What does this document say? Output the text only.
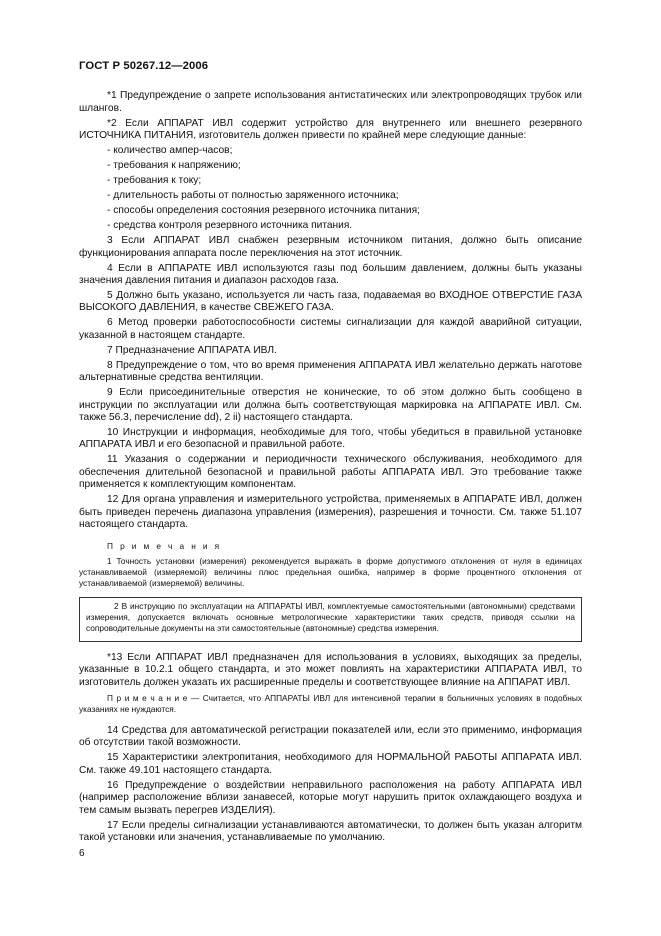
ГОСТ Р 50267.12—2006

*1 Предупреждение о запрете использования антистатических или электропроводящих трубок или шлангов.

*2 Если АППАРАТ ИВЛ содержит устройство для внутреннего или внешнего резервного ИСТОЧНИКА ПИТАНИЯ, изготовитель должен привести по крайней мере следующие данные:

- количество ампер-часов;

- требования к напряжению;

- требования к току;

- длительность работы от полностью заряженного источника;

- способы определения состояния резервного источника питания;

- средства контроля резервного источника питания.

3 Если АППАРАТ ИВЛ снабжен резервным источником питания, должно быть описание функционирования аппарата после переключения на этот источник.

4 Если в АППАРАТЕ ИВЛ используются газы под большим давлением, должны быть указаны значения давления питания и диапазон расходов газа.

5 Должно быть указано, используется ли часть газа, подаваемая во ВХОДНОЕ ОТВЕРСТИЕ ГАЗА ВЫСОКОГО ДАВЛЕНИЯ, в качестве СВЕЖЕГО ГАЗА.

6 Метод проверки работоспособности системы сигнализации для каждой аварийной ситуации, указанной в настоящем стандарте.

7 Предназначение АППАРАТА ИВЛ.

8 Предупреждение о том, что во время применения АППАРАТА ИВЛ желательно держать наготове альтернативные средства вентиляции.

9 Если присоединительные отверстия не конические, то об этом должно быть сообщено в инструкции по эксплуатации или должна быть соответствующая маркировка на АППАРАТЕ ИВЛ. См. также 56.3, перечисление dd), 2 ii) настоящего стандарта.

10 Инструкции и информация, необходимые для того, чтобы убедиться в правильной установке АППАРАТА ИВЛ и его безопасной и правильной работе.

11 Указания о содержании и периодичности технического обслуживания, необходимого для обеспечения длительной безопасной и правильной работы АППАРАТА ИВЛ. Это требование также применяется к комплектующим компонентам.

12 Для органа управления и измерительного устройства, применяемых в АППАРАТЕ ИВЛ, должен быть приведен перечень диапазона управления (измерения), разрешения и точности. См. также 51.107 настоящего стандарта.

П р и м е ч а н и я

1 Точность установки (измерения) рекомендуется выражать в форме допустимого отклонения от нуля в единицах устанавливаемой (измеряемой) величины плюс предельная ошибка, например в форме процентного отклонения от устанавливаемой (измеряемой) величины.

2 В инструкцию по эксплуатации на АППАРАТЫ ИВЛ, комплектуемые самостоятельными (автономными) средствами измерения, допускается включать основные метрологические характеристики таких средств, приводя ссылки на сопроводительные документы на эти самостоятельные (автономные) средства измерения.

*13 Если АППАРАТ ИВЛ предназначен для использования в условиях, выходящих за пределы, указанные в 10.2.1 общего стандарта, и это может повлиять на характеристики АППАРАТА ИВЛ, то изготовитель должен указать их расширенные пределы и соответствующее влияние на АППАРАТ ИВЛ.

П р и м е ч а н и е — Считается, что АППАРАТЫ ИВЛ для интенсивной терапии в больничных условиях в подобных указаниях не нуждаются.

14 Средства для автоматической регистрации показателей или, если это применимо, информация об отсутствии такой возможности.

15 Характеристики электропитания, необходимого для НОРМАЛЬНОЙ РАБОТЫ АППАРАТА ИВЛ. См. также 49.101 настоящего стандарта.

16 Предупреждение о воздействии неправильного расположения на работу АППАРАТА ИВЛ (например расположение вблизи занавесей, которые могут нарушить приток охлаждающего воздуха и тем самым вызвать перегрев ИЗДЕЛИЯ).

17 Если пределы сигнализации устанавливаются автоматически, то должен быть указан алгоритм такой установки или значения, устанавливаемые по умолчанию.

6
